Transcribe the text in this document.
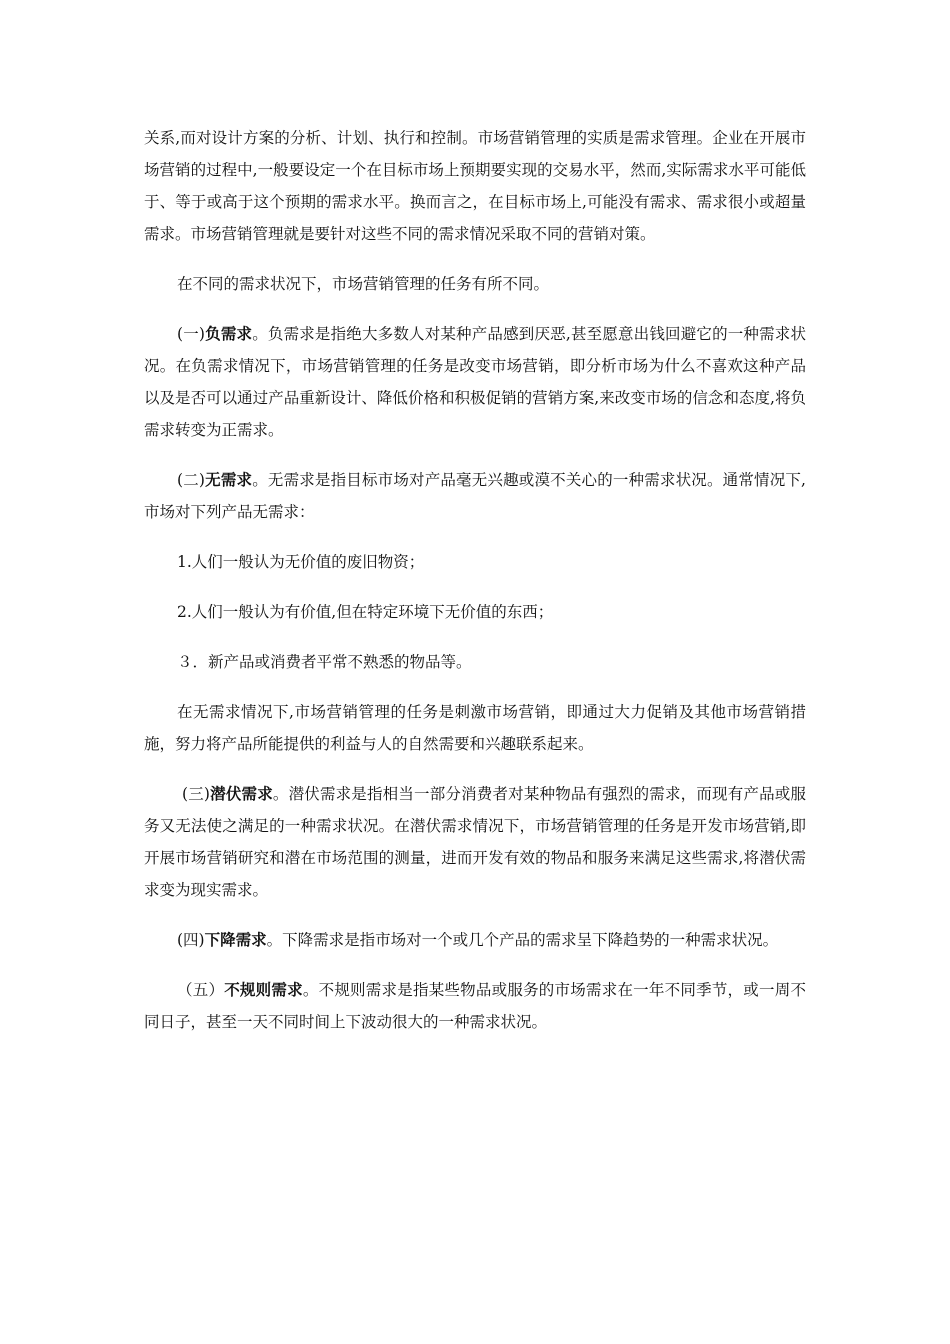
关系,而对设计方案的分析、计划、执行和控制。市场营销管理的实质是需求管理。企业在开展市场营销的过程中,一般要设定一个在目标市场上预期要实现的交易水平，然而,实际需求水平可能低于、等于或高于这个预期的需求水平。换而言之，在目标市场上,可能没有需求、需求很小或超量需求。市场营销管理就是要针对这些不同的需求情况采取不同的营销对策。

在不同的需求状况下，市场营销管理的任务有所不同。

(一)负需求。负需求是指绝大多数人对某种产品感到厌恶,甚至愿意出钱回避它的一种需求状况。在负需求情况下，市场营销管理的任务是改变市场营销，即分析市场为什么不喜欢这种产品以及是否可以通过产品重新设计、降低价格和积极促销的营销方案,来改变市场的信念和态度,将负需求转变为正需求。

(二)无需求。无需求是指目标市场对产品毫无兴趣或漠不关心的一种需求状况。通常情况下,市场对下列产品无需求：

1.人们一般认为无价值的废旧物资；

2.人们一般认为有价值,但在特定环境下无价值的东西；

３．新产品或消费者平常不熟悉的物品等。

在无需求情况下,市场营销管理的任务是刺激市场营销，即通过大力促销及其他市场营销措施，努力将产品所能提供的利益与人的自然需要和兴趣联系起来。

(三)潜伏需求。潜伏需求是指相当一部分消费者对某种物品有强烈的需求，而现有产品或服务又无法使之满足的一种需求状况。在潜伏需求情况下，市场营销管理的任务是开发市场营销,即开展市场营销研究和潜在市场范围的测量，进而开发有效的物品和服务来满足这些需求,将潜伏需求变为现实需求。

(四)下降需求。下降需求是指市场对一个或几个产品的需求呈下降趋势的一种需求状况。

（五）不规则需求。不规则需求是指某些物品或服务的市场需求在一年不同季节，或一周不同日子，甚至一天不同时间上下波动很大的一种需求状况。
